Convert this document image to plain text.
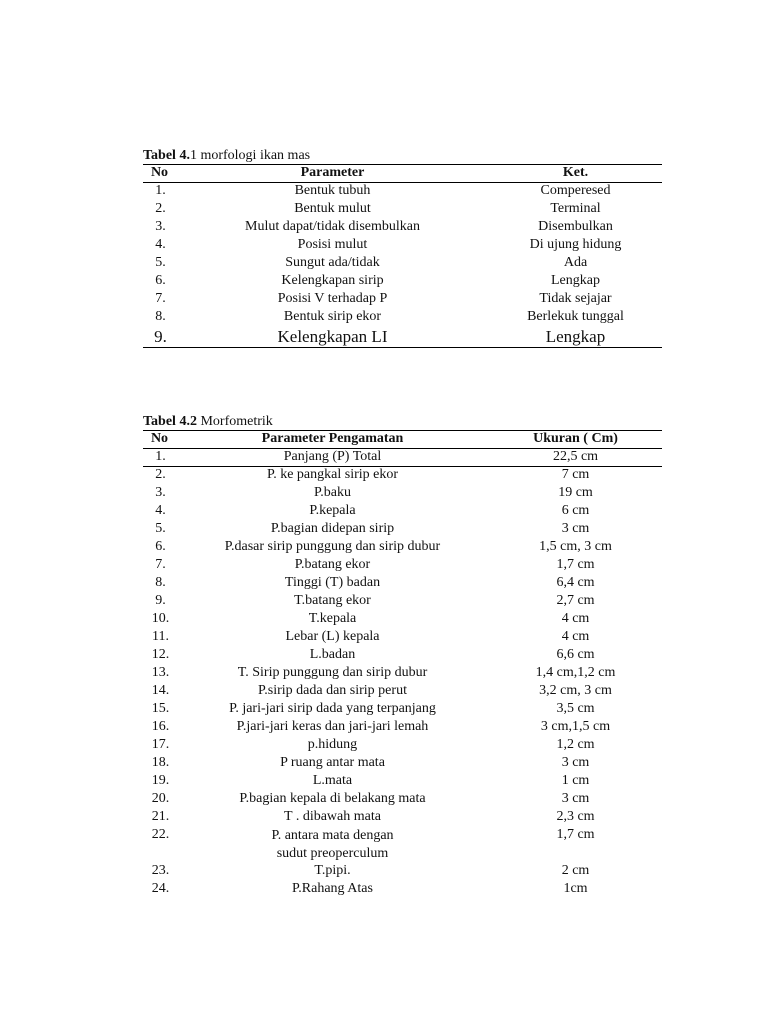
Tabel 4.1 morfologi ikan mas
No	Parameter	Ket.
1.	Bentuk tubuh	Comperesed
2.	Bentuk mulut	Terminal
3.	Mulut dapat/tidak disembulkan	Disembulkan
4.	Posisi mulut	Di ujung hidung
5.	Sungut ada/tidak	Ada
6.	Kelengkapan sirip	Lengkap
7.	Posisi V terhadap P	Tidak sejajar
8.	Bentuk sirip ekor	Berlekuk tunggal
9.	Kelengkapan LI	Lengkap
Tabel 4.2 Morfometrik
No	Parameter Pengamatan	Ukuran ( Cm)
1.	Panjang (P) Total	22,5 cm
2.	P. ke pangkal sirip ekor	7 cm
3.	P.baku	19 cm
4.	P.kepala	6 cm
5.	P.bagian didepan sirip	3 cm
6.	P.dasar sirip punggung dan sirip dubur	1,5 cm, 3 cm
7.	P.batang ekor	1,7 cm
8.	Tinggi (T) badan	6,4 cm
9.	T.batang ekor	2,7 cm
10.	T.kepala	4 cm
11.	Lebar (L) kepala	4 cm
12.	L.badan	6,6 cm
13.	T. Sirip punggung dan sirip dubur	1,4 cm,1,2 cm
14.	P.sirip dada dan sirip perut	3,2 cm, 3 cm
15.	P. jari-jari sirip dada yang terpanjang	3,5 cm
16.	P.jari-jari keras dan jari-jari lemah	3 cm,1,5 cm
17.	p.hidung	1,2 cm
18.	P ruang antar mata	3 cm
19.	L.mata	1 cm
20.	P.bagian kepala di belakang mata	3 cm
21.	T . dibawah mata	2,3 cm
22.	P. antara mata dengan sudut preoperculum	1,7 cm
23.	T.pipi.	2 cm
24.	P.Rahang Atas	1cm
